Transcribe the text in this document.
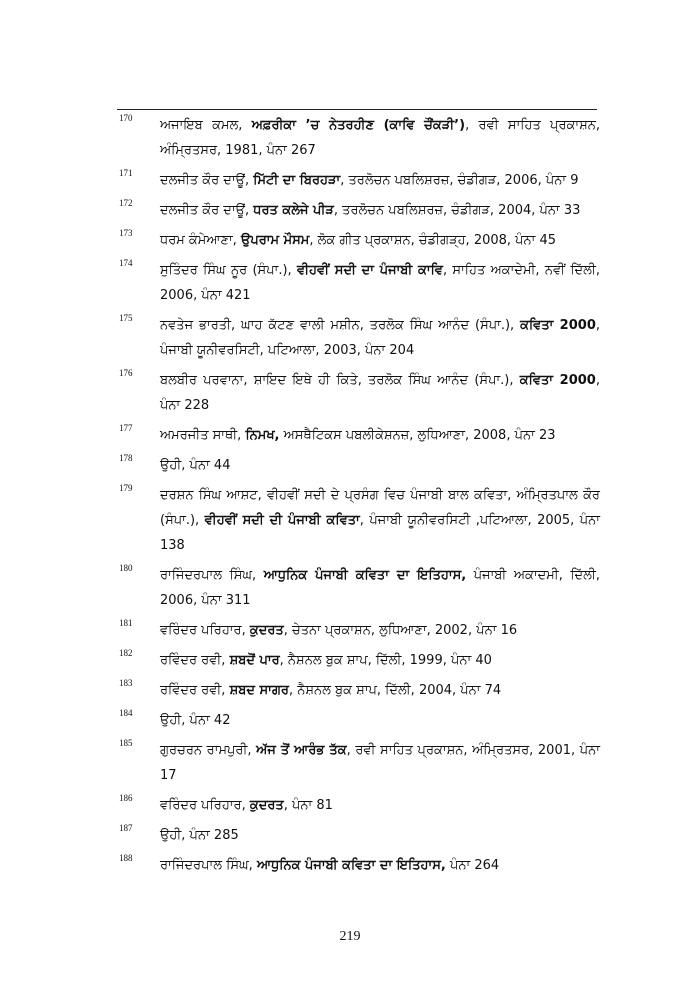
170 ਅਜਾਇਬ ਕਮਲ, ਅਫ਼ਰੀਕਾ ’ਚ ਨੇਤਰਹੀਣ (ਕਾਵਿ ਚੌਂਕੜੀ’), ਰਵੀ ਸਾਹਿਤ ਪ੍ਰਕਾਸ਼ਨ, ਅੰਮ੍ਰਿਤਸਰ, 1981, ਪੰਨਾ 267
171 ਦਲਜੀਤ ਕੌਰ ਦਾਊਂ, ਮਿੱਟੀ ਦਾ ਬਿਰਹੜਾ, ਤਰਲੋਚਨ ਪਬਲਿਸ਼ਰਜ਼, ਚੰਡੀਗੜ, 2006, ਪੰਨਾ 9
172 ਦਲਜੀਤ ਕੌਰ ਦਾਊਂ, ਧਰਤ ਕਲੇਜੇ ਪੀੜ, ਤਰਲੋਚਨ ਪਬਲਿਸ਼ਰਜ਼, ਚੰਡੀਗੜ, 2004, ਪੰਨਾ 33
173 ਧਰਮ ਕੰਮੇਆਣਾ, ਉਪਰਾਮ ਮੌਸਮ, ਲੋਕ ਗੀਤ ਪ੍ਰਕਾਸ਼ਨ, ਚੰਡੀਗੜ੍ਹ, 2008, ਪੰਨਾ 45
174 ਸੁਤਿੰਦਰ ਸਿੰਘ ਨੂਰ (ਸੰਪਾ.), ਵੀਹਵੀਂ ਸਦੀ ਦਾ ਪੰਜਾਬੀ ਕਾਵਿ, ਸਾਹਿਤ ਅਕਾਦੇਮੀ, ਨਵੀਂ ਦਿੱਲੀ, 2006, ਪੰਨਾ 421
175 ਨਵਤੇਜ ਭਾਰਤੀ, ਘਾਹ ਕੱਟਣ ਵਾਲੀ ਮਸ਼ੀਨ, ਤਰਲੋਕ ਸਿੰਘ ਆਨੰਦ (ਸੰਪਾ.), ਕਵਿਤਾ 2000, ਪੰਜਾਬੀ ਯੂਨੀਵਰਸਿਟੀ, ਪਟਿਆਲਾ, 2003, ਪੰਨਾ 204
176 ਬਲਬੀਰ ਪਰਵਾਨਾ, ਸ਼ਾਇਦ ਇਥੇ ਹੀ ਕਿਤੇ, ਤਰਲੋਕ ਸਿੰਘ ਆਨੰਦ (ਸੰਪਾ.), ਕਵਿਤਾ 2000, ਪੰਨਾ 228
177 ਅਮਰਜੀਤ ਸਾਥੀ, ਨਿਮਖ, ਅਸਥੈਟਿਕਸ ਪਬਲੀਕੇਸ਼ਨਜ਼, ਲੁਧਿਆਣਾ, 2008, ਪੰਨਾ 23
178 ਉਹੀ, ਪੰਨਾ 44
179 ਦਰਸ਼ਨ ਸਿੰਘ ਆਸ਼ਟ, ਵੀਹਵੀਂ ਸਦੀ ਦੇ ਪ੍ਰਸੰਗ ਵਿਚ ਪੰਜਾਬੀ ਬਾਲ ਕਵਿਤਾ, ਅੰਮ੍ਰਿਤਪਾਲ ਕੌਰ (ਸੰਪਾ.), ਵੀਹਵੀਂ ਸਦੀ ਦੀ ਪੰਜਾਬੀ ਕਵਿਤਾ, ਪੰਜਾਬੀ ਯੂਨੀਵਰਸਿਟੀ ,ਪਟਿਆਲਾ, 2005, ਪੰਨਾ 138
180 ਰਾਜਿੰਦਰਪਾਲ ਸਿੰਘ, ਆਧੁਨਿਕ ਪੰਜਾਬੀ ਕਵਿਤਾ ਦਾ ਇਤਿਹਾਸ, ਪੰਜਾਬੀ ਅਕਾਦਮੀ, ਦਿੱਲੀ, 2006, ਪੰਨਾ 311
181 ਵਰਿੰਦਰ ਪਰਿਹਾਰ, ਕੁਦਰਤ, ਚੇਤਨਾ ਪ੍ਰਕਾਸ਼ਨ, ਲੁਧਿਆਣਾ, 2002, ਪੰਨਾ 16
182 ਰਵਿੰਦਰ ਰਵੀ, ਸ਼ਬਦੋਂ ਪਾਰ, ਨੈਸ਼ਨਲ ਬੁਕ ਸ਼ਾਪ, ਦਿੱਲੀ, 1999, ਪੰਨਾ 40
183 ਰਵਿੰਦਰ ਰਵੀ, ਸ਼ਬਦ ਸਾਗਰ, ਨੈਸ਼ਨਲ ਬੁਕ ਸ਼ਾਪ, ਦਿੱਲੀ, 2004, ਪੰਨਾ 74
184 ਉਹੀ, ਪੰਨਾ 42
185 ਗੁਰਚਰਨ ਰਾਮਪੁਰੀ, ਅੱਜ ਤੋਂ ਆਰੰਭ ਤੱਕ, ਰਵੀ ਸਾਹਿਤ ਪ੍ਰਕਾਸ਼ਨ, ਅੰਮ੍ਰਿਤਸਰ, 2001, ਪੰਨਾ 17
186 ਵਰਿੰਦਰ ਪਰਿਹਾਰ, ਕੁਦਰਤ, ਪੰਨਾ 81
187 ਉਹੀ, ਪੰਨਾ 285
188 ਰਾਜਿੰਦਰਪਾਲ ਸਿੰਘ, ਆਧੁਨਿਕ ਪੰਜਾਬੀ ਕਵਿਤਾ ਦਾ ਇਤਿਹਾਸ, ਪੰਨਾ 264
219
